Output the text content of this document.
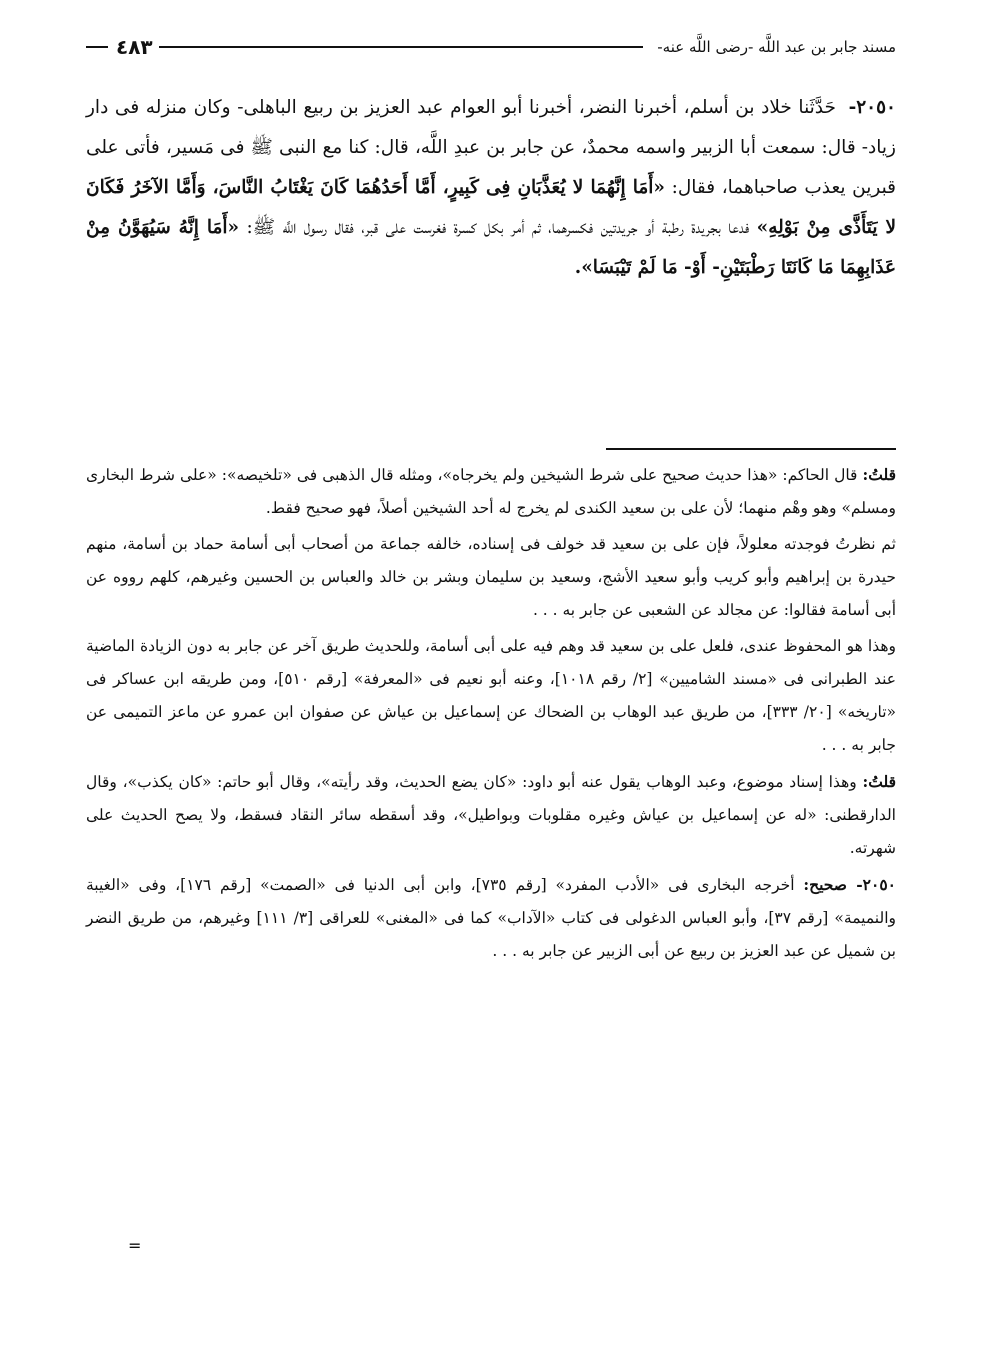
مسند جابر بن عبد اللَّه -رضى اللَّه عنه-
٤٨٣
٢٠٥٠- حَدَّثَنا خلاد بن أسلم، أخبرنا النضر، أخبرنا أبو العوام عبد العزيز بن ربيع الباهلى- وكان منزله فى دار زياد- قال: سمعت أبا الزبير واسمه محمدٌ، عن جابر بن عبدِ اللَّه، قال: كنا مع النبى ﷺ فى مَسير، فأتى على قبرين يعذب صاحباهما، فقال: «أَمَا إِنَّهُمَا لا يُعَذَّبَانِ فِى كَبِيرٍ، أَمَّا أَحَدُهُمَا كَانَ يَغْتَابُ النَّاسَ، وَأَمَّا الآخَرُ فَكَانَ لا يَتَأَذَّى مِنْ بَوْلِهِ» فدعا بجريدة رطبة أو جريدتين فكسرهما، ثم أمر بكل كسرة فغرست على قبر، فقال رسول اللَّه ﷺ: «أَمَا إِنَّهُ سَيُهَوَّنُ مِنْ عَذَابِهِمَا مَا كَانَتَا رَطْبَتَيْنِ- أَوْ- مَا لَمْ تَيْبَسَا».

قلتُ: قال الحاكم: «هذا حديث صحيح على شرط الشيخين ولم يخرجاه»، ومثله قال الذهبى فى «تلخيصه»: «على شرط البخارى ومسلم» وهو وهْم منهما؛ لأن على بن سعيد الكندى لم يخرج له أحد الشيخين أصلاً، فهو صحيح فقط.

ثم نظرتُ فوجدته معلولاً، فإن على بن سعيد قد خولف فى إسناده، خالفه جماعة من أصحاب أبى أسامة حماد بن أسامة، منهم حيدرة بن إبراهيم وأبو كريب وأبو سعيد الأشج، وسعيد بن سليمان وبشر بن خالد والعباس بن الحسين وغيرهم، كلهم رووه عن أبى أسامة فقالوا: عن مجالد عن الشعبى عن جابر به . . .

وهذا هو المحفوظ عندى، فلعل على بن سعيد قد وهم فيه على أبى أسامة، وللحديث طريق آخر عن جابر به دون الزيادة الماضية عند الطبرانى فى «مسند الشاميين» [٢/ رقم ١٠١٨]، وعنه أبو نعيم فى «المعرفة» [رقم ٥١٠]، ومن طريقه ابن عساكر فى «تاريخه» [٢٠/ ٣٣٣]، من طريق عبد الوهاب بن الضحاك عن إسماعيل بن عياش عن صفوان ابن عمرو عن ماعز التميمى عن جابر به . . .

قلتُ: وهذا إسناد موضوع، وعبد الوهاب يقول عنه أبو داود: «كان يضع الحديث، وقد رأيته»، وقال أبو حاتم: «كان يكذب»، وقال الدارقطنى: «له عن إسماعيل بن عياش وغيره مقلوبات وبواطيل»، وقد أسقطه سائر النقاد فسقط، ولا يصح الحديث على شهرته.

٢٠٥٠- صحيح: أخرجه البخارى فى «الأدب المفرد» [رقم ٧٣٥]، وابن أبى الدنيا فى «الصمت» [رقم ١٧٦]، وفى «الغيبة والنميمة» [رقم ٣٧]، وأبو العباس الدغولى فى كتاب «الآداب» كما فى «المغنى» للعراقى [٣/ ١١١] وغيرهم، من طريق النضر بن شميل عن عبد العزيز بن ربيع عن أبى الزبير عن جابر به . . .

=
